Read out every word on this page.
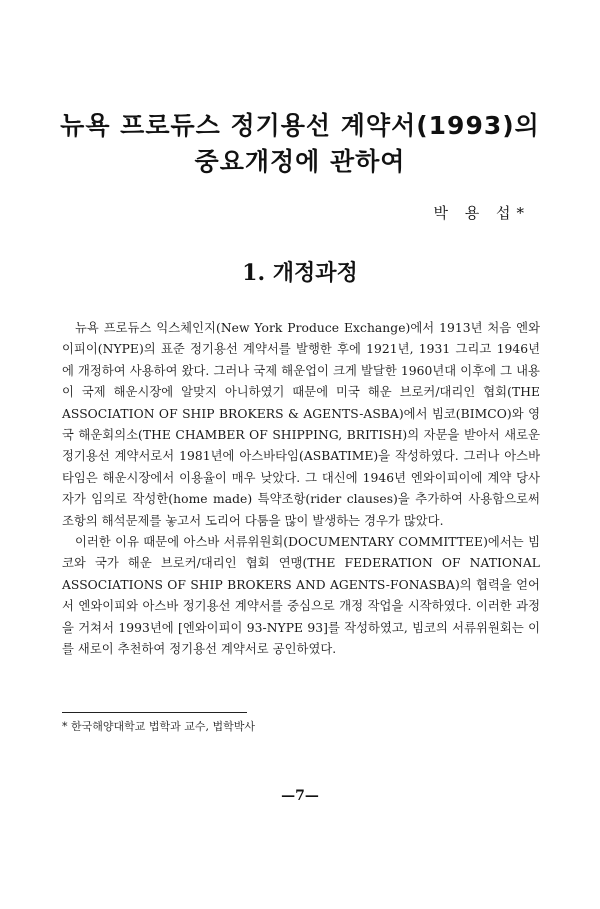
뉴욕 프로듀스 정기용선 계약서(1993)의
중요개정에 관하여

박 용 섭*

1. 개정과정

뉴욕 프로듀스 익스체인지(New York Produce Exchange)에서 1913년 처음 엔와이피이(NYPE)의 표준 정기용선 계약서를 발행한 후에 1921년, 1931 그리고 1946년에 개정하여 사용하여 왔다. 그러나 국제 해운업이 크게 발달한 1960년대 이후에 그 내용이 국제 해운시장에 알맞지 아니하였기 때문에 미국 해운 브로커/대리인 협회(THE ASSOCIATION OF SHIP BROKERS & AGENTS-ASBA)에서 빔코(BIMCO)와 영국 해운회의소(THE CHAMBER OF SHIPPING, BRITISH)의 자문을 받아서 새로운 정기용선 계약서로서 1981년에 아스바타임(ASBATIME)을 작성하였다. 그러나 아스바타임은 해운시장에서 이용율이 매우 낮았다. 그 대신에 1946년 엔와이피이에 계약 당사자가 임의로 작성한(home made) 특약조항(rider clauses)을 추가하여 사용함으로써 조항의 해석문제를 놓고서 도리어 다툼을 많이 발생하는 경우가 많았다.

이러한 이유 때문에 아스바 서류위원회(DOCUMENTARY COMMITTEE)에서는 빔코와 국가 해운 브로커/대리인 협회 연맹(THE FEDERATION OF NATIONAL ASSOCIATIONS OF SHIP BROKERS AND AGENTS-FONASBA)의 협력을 얻어서 엔와이피와 아스바 정기용선 계약서를 중심으로 개정 작업을 시작하였다. 이러한 과정을 거쳐서 1993년에 [엔와이피이 93-NYPE 93]를 작성하였고, 빔코의 서류위원회는 이를 새로이 추천하여 정기용선 계약서로 공인하였다.

* 한국해양대학교 법학과 교수, 법학박사

—7—
